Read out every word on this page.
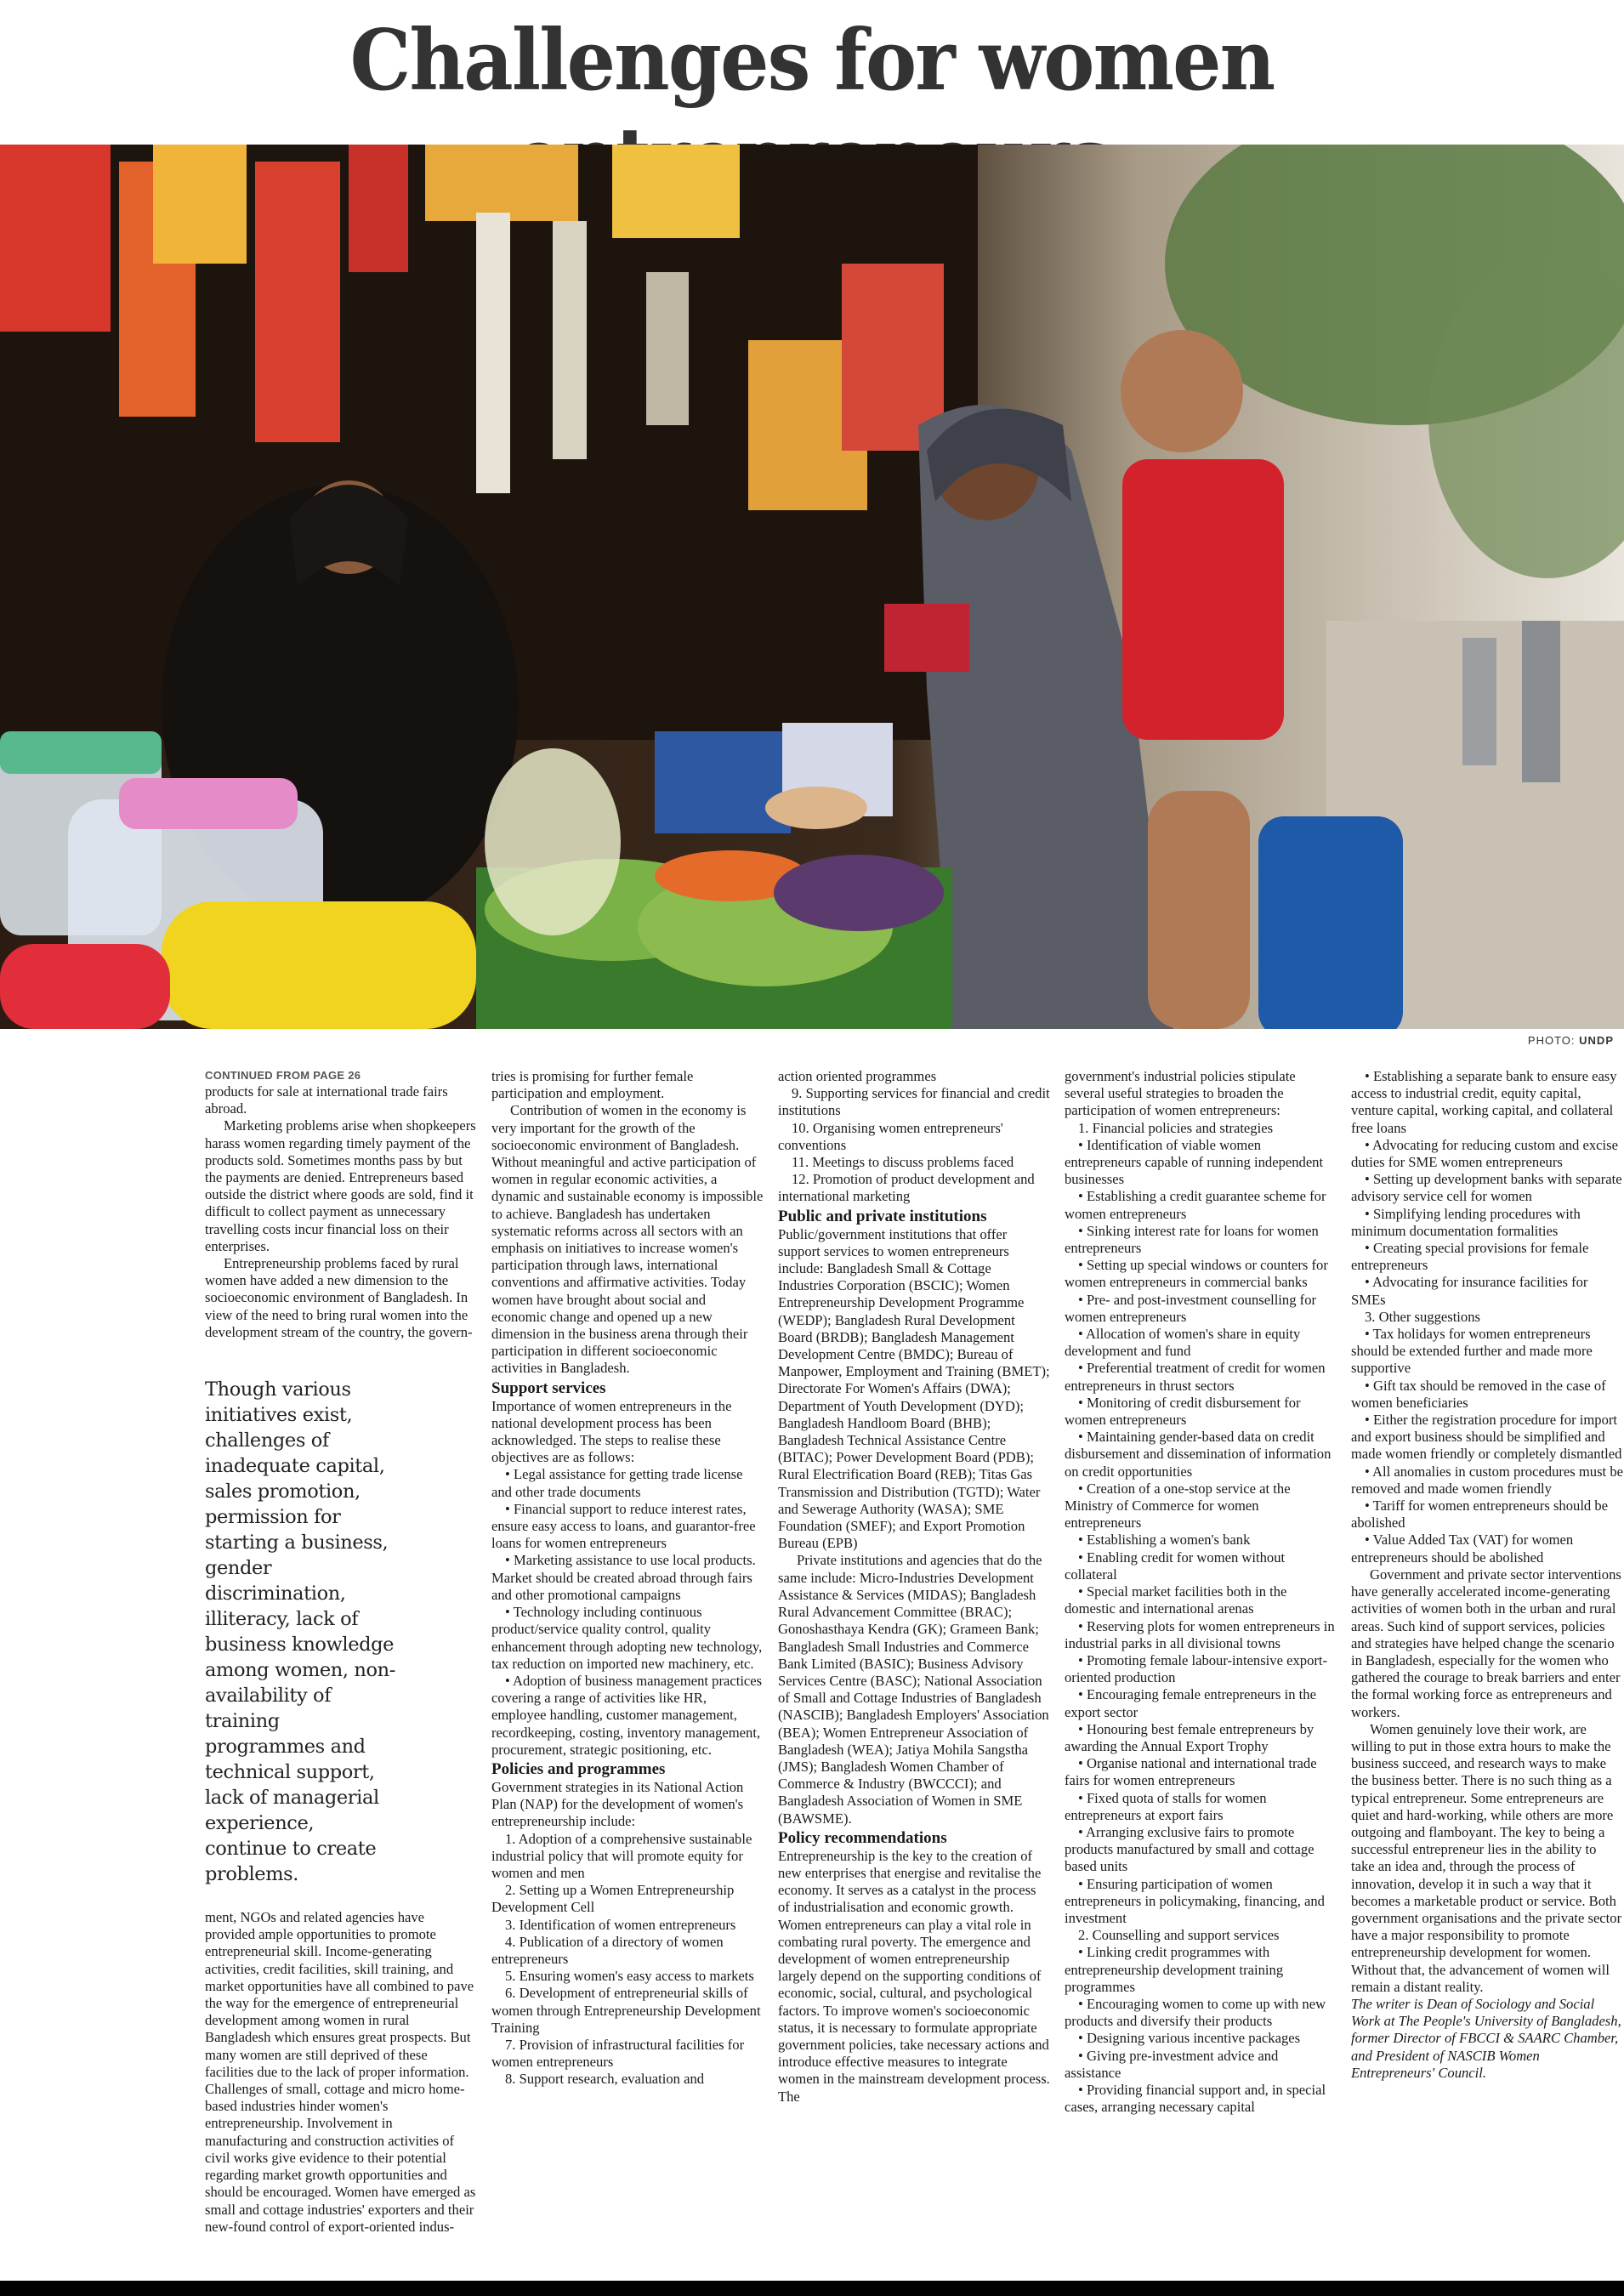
Challenges for women
PHOTO: UNDP
CONTINUED FROM PAGE 26

products for sale at international trade fairs abroad.

Marketing problems arise when shopkeepers harass women regarding timely payment of the products sold. Sometimes months pass by but the payments are denied. Entrepreneurs based outside the district where goods are sold, find it difficult to collect payment as unnecessary travelling costs incur financial loss on their enterprises.

Entrepreneurship problems faced by rural women have added a new dimension to the socioeconomic environment of Bangladesh. In view of the need to bring rural women into the development stream of the country, the govern-

Though various initiatives exist, challenges of inadequate capital, sales promotion, permission for starting a business, gender discrimination, illiteracy, lack of business knowledge among women, non-availability of training programmes and technical support, lack of managerial experience, continue to create problems.

ment, NGOs and related agencies have provided ample opportunities to promote entrepreneurial skill. Income-generating activities, credit facilities, skill training, and market opportunities have all combined to pave the way for the emergence of entrepreneurial development among women in rural Bangladesh which ensures great prospects. But many women are still deprived of these facilities due to the lack of proper information. Challenges of small, cottage and micro home-based industries hinder women's entrepreneurship. Involvement in manufacturing and construction activities of civil works give evidence to their potential regarding market growth opportunities and should be encouraged. Women have emerged as small and cottage industries' exporters and their new-found control of export-oriented indus-

tries is promising for further female participation and employment.

Contribution of women in the economy is very important for the growth of the socioeconomic environment of Bangladesh. Without meaningful and active participation of women in regular economic activities, a dynamic and sustainable economy is impossible to achieve. Bangladesh has undertaken systematic reforms across all sectors with an emphasis on initiatives to increase women's participation through laws, international conventions and affirmative activities. Today women have brought about social and economic change and opened up a new dimension in the business arena through their participation in different socioeconomic activities in Bangladesh.

Support services

Importance of women entrepreneurs in the national development process has been acknowledged. The steps to realise these objectives are as follows:

• Legal assistance for getting trade license and other trade documents

• Financial support to reduce interest rates, ensure easy access to loans, and guarantor-free loans for women entrepreneurs

• Marketing assistance to use local products. Market should be created abroad through fairs and other promotional campaigns

• Technology including continuous product/service quality control, quality enhancement through adopting new technology, tax reduction on imported new machinery, etc.

• Adoption of business management practices covering a range of activities like HR, employee handling, customer management, recordkeeping, costing, inventory management, procurement, strategic positioning, etc.

Policies and programmes

Government strategies in its National Action Plan (NAP) for the development of women's entrepreneurship include:

1. Adoption of a comprehensive sustainable industrial policy that will promote equity for women and men

2. Setting up a Women Entrepreneurship Development Cell

3. Identification of women entrepreneurs

4. Publication of a directory of women entrepreneurs

5. Ensuring women's easy access to markets

6. Development of entrepreneurial skills of women through Entrepreneurship Development Training

7. Provision of infrastructural facilities for women entrepreneurs

8. Support research, evaluation and

action oriented programmes

9. Supporting services for financial and credit institutions

10. Organising women entrepreneurs' conventions

11. Meetings to discuss problems faced

12. Promotion of product development and international marketing

Public and private institutions

Public/government institutions that offer support services to women entrepreneurs include: Bangladesh Small & Cottage Industries Corporation (BSCIC); Women Entrepreneurship Development Programme (WEDP); Bangladesh Rural Development Board (BRDB); Bangladesh Management Development Centre (BMDC); Bureau of Manpower, Employment and Training (BMET); Directorate For Women's Affairs (DWA); Department of Youth Development (DYD); Bangladesh Handloom Board (BHB); Bangladesh Technical Assistance Centre (BITAC); Power Development Board (PDB); Rural Electrification Board (REB); Titas Gas Transmission and Distribution (TGTD); Water and Sewerage Authority (WASA); SME Foundation (SMEF); and Export Promotion Bureau (EPB)

Private institutions and agencies that do the same include: Micro-Industries Development Assistance & Services (MIDAS); Bangladesh Rural Advancement Committee (BRAC); Gonoshasthaya Kendra (GK); Grameen Bank; Bangladesh Small Industries and Commerce Bank Limited (BASIC); Business Advisory Services Centre (BASC); National Association of Small and Cottage Industries of Bangladesh (NASCIB); Bangladesh Employers' Association (BEA); Women Entrepreneur Association of Bangladesh (WEA); Jatiya Mohila Sangstha (JMS); Bangladesh Women Chamber of Commerce & Industry (BWCCCI); and Bangladesh Association of Women in SME (BAWSME).

Policy recommendations

Entrepreneurship is the key to the creation of new enterprises that energise and revitalise the economy. It serves as a catalyst in the process of industrialisation and economic growth. Women entrepreneurs can play a vital role in combating rural poverty. The emergence and development of women entrepreneurship largely depend on the supporting conditions of economic, social, cultural, and psychological factors. To improve women's socioeconomic status, it is necessary to formulate appropriate government policies, take necessary actions and introduce effective measures to integrate women in the mainstream development process. The

government's industrial policies stipulate several useful strategies to broaden the participation of women entrepreneurs:

1. Financial policies and strategies

• Identification of viable women entrepreneurs capable of running independent businesses

• Establishing a credit guarantee scheme for women entrepreneurs

• Sinking interest rate for loans for women entrepreneurs

• Setting up special windows or counters for women entrepreneurs in commercial banks

• Pre- and post-investment counselling for women entrepreneurs

• Allocation of women's share in equity development and fund

• Preferential treatment of credit for women entrepreneurs in thrust sectors

• Monitoring of credit disbursement for women entrepreneurs

• Maintaining gender-based data on credit disbursement and dissemination of information on credit opportunities

• Creation of a one-stop service at the Ministry of Commerce for women entrepreneurs

• Establishing a women's bank

• Enabling credit for women without collateral

• Special market facilities both in the domestic and international arenas

• Reserving plots for women entrepreneurs in industrial parks in all divisional towns

• Promoting female labour-intensive export-oriented production

• Encouraging female entrepreneurs in the export sector

• Honouring best female entrepreneurs by awarding the Annual Export Trophy

• Organise national and international trade fairs for women entrepreneurs

• Fixed quota of stalls for women entrepreneurs at export fairs

• Arranging exclusive fairs to promote products manufactured by small and cottage based units

• Ensuring participation of women entrepreneurs in policymaking, financing, and investment

2. Counselling and support services

• Linking credit programmes with entrepreneurship development training programmes

• Encouraging women to come up with new products and diversify their products

• Designing various incentive packages

• Giving pre-investment advice and assistance

• Providing financial support and, in special cases, arranging necessary capital

• Establishing a separate bank to ensure easy access to industrial credit, equity capital, venture capital, working capital, and collateral free loans

• Advocating for reducing custom and excise duties for SME women entrepreneurs

• Setting up development banks with separate advisory service cell for women

• Simplifying lending procedures with minimum documentation formalities

• Creating special provisions for female entrepreneurs

• Advocating for insurance facilities for SMEs

3. Other suggestions

• Tax holidays for women entrepreneurs should be extended further and made more supportive

• Gift tax should be removed in the case of women beneficiaries

• Either the registration procedure for import and export business should be simplified and made women friendly or completely dismantled

• All anomalies in custom procedures must be removed and made women friendly

• Tariff for women entrepreneurs should be abolished

• Value Added Tax (VAT) for women entrepreneurs should be abolished

Government and private sector interventions have generally accelerated income-generating activities of women both in the urban and rural areas. Such kind of support services, policies and strategies have helped change the scenario in Bangladesh, especially for the women who gathered the courage to break barriers and enter the formal working force as entrepreneurs and workers.

Women genuinely love their work, are willing to put in those extra hours to make the business succeed, and research ways to make the business better. There is no such thing as a typical entrepreneur. Some entrepreneurs are quiet and hard-working, while others are more outgoing and flamboyant. The key to being a successful entrepreneur lies in the ability to take an idea and, through the process of innovation, develop it in such a way that it becomes a marketable product or service. Both government organisations and the private sector have a major responsibility to promote entrepreneurship development for women. Without that, the advancement of women will remain a distant reality.

The writer is Dean of Sociology and Social Work at The People's University of Bangladesh, former Director of FBCCI & SAARC Chamber, and President of NASCIB Women Entrepreneurs' Council.
